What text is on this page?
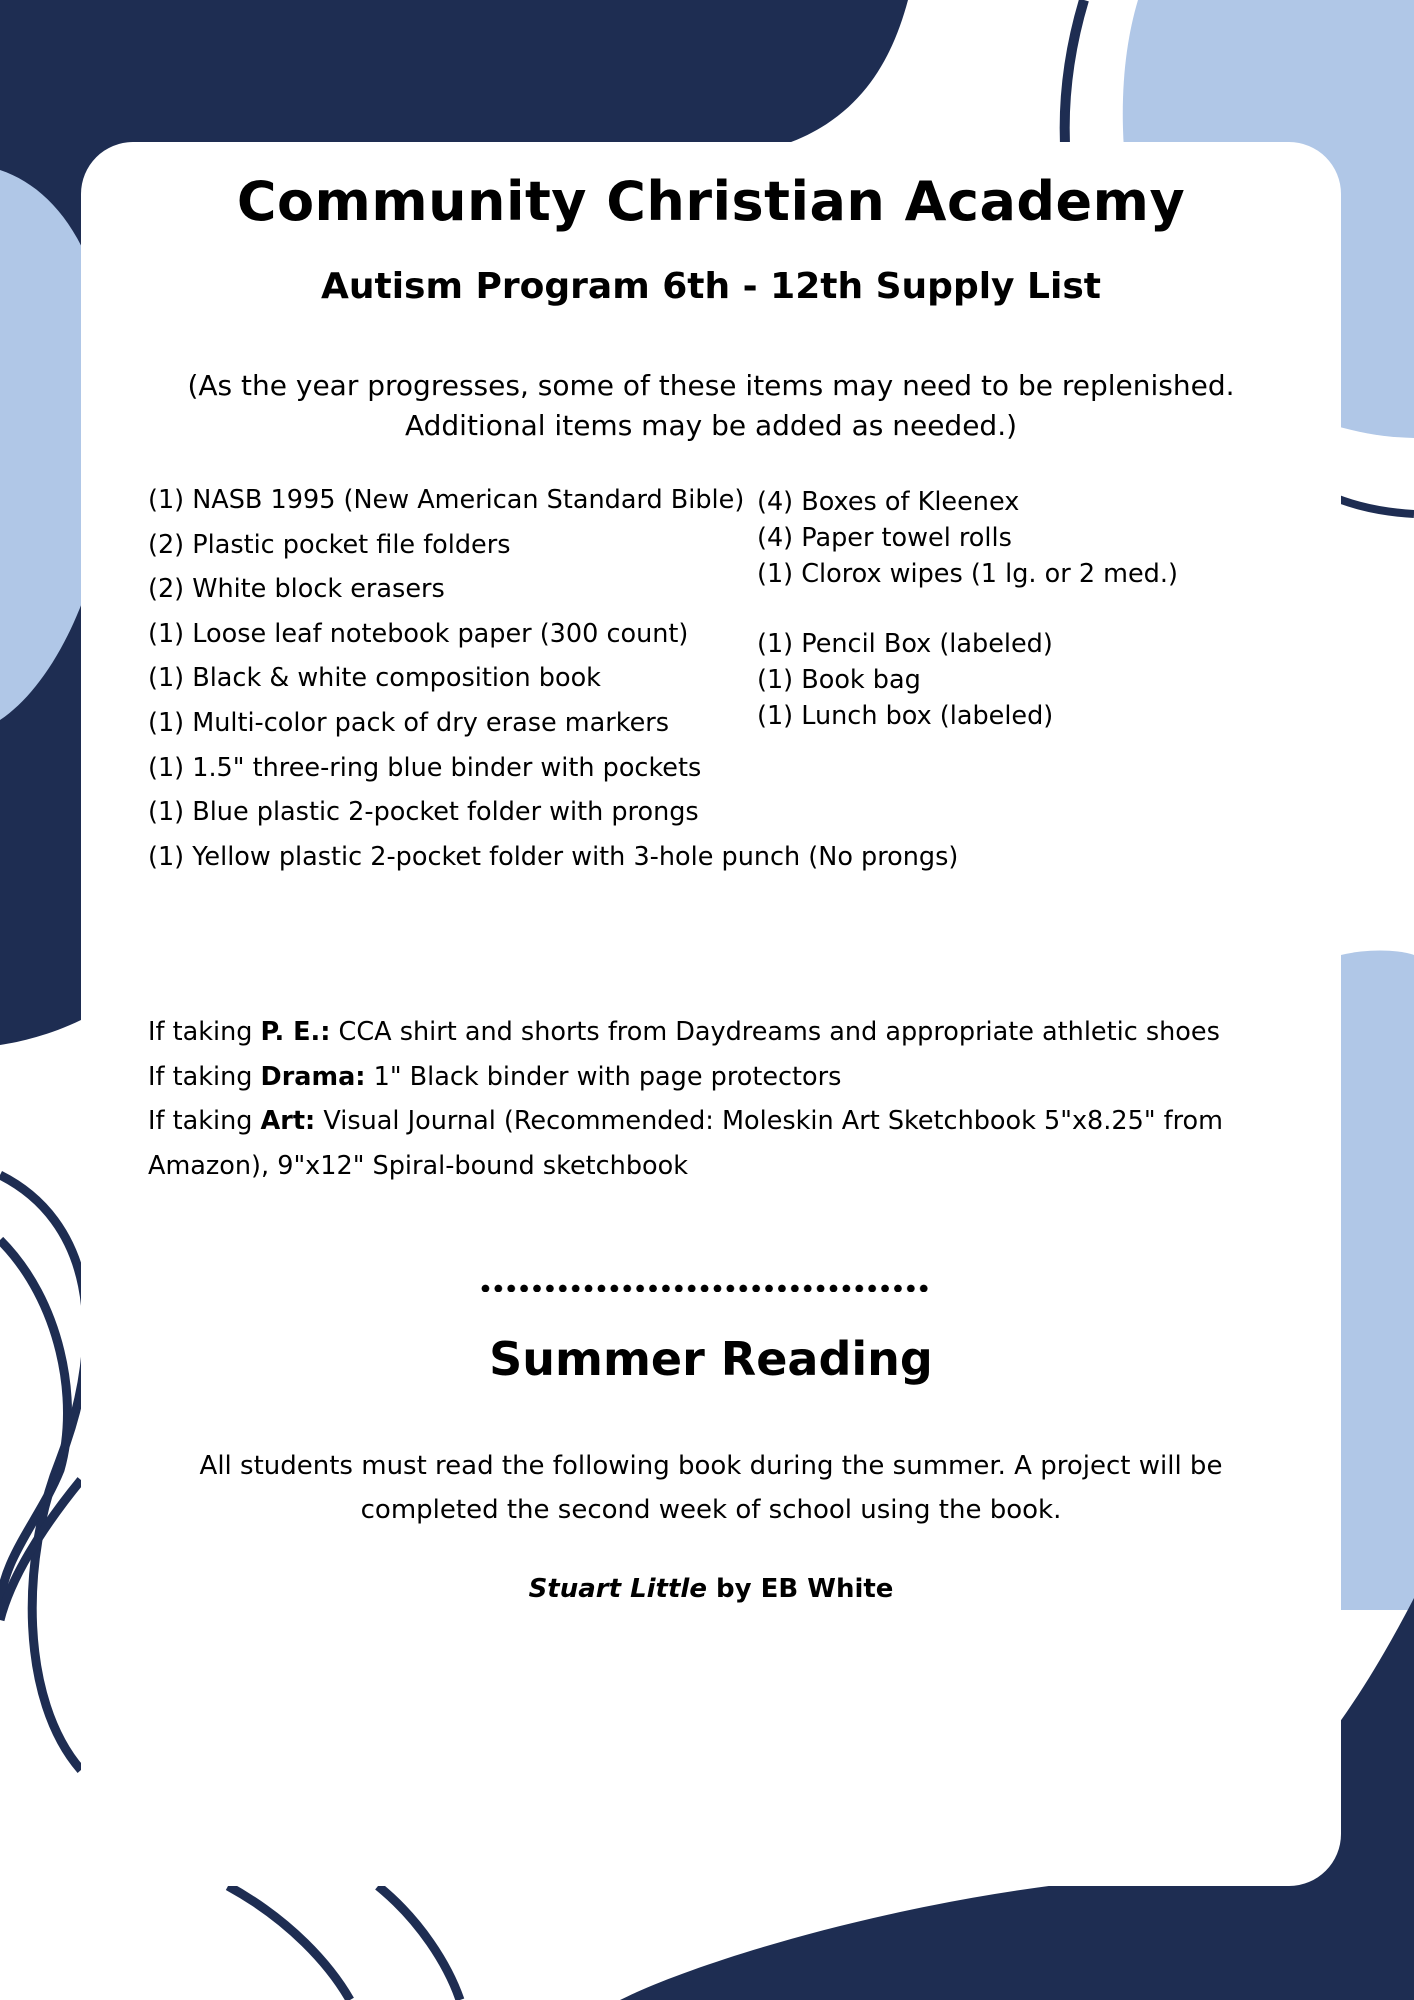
Community Christian Academy
Autism Program 6th - 12th Supply List
(As the year progresses, some of these items may need to be replenished.
Additional items may be added as needed.)
(1) NASB 1995 (New American Standard Bible)
(2) Plastic pocket file folders
(2) White block erasers
(1) Loose leaf notebook paper (300 count)
(1) Black & white composition book
(1) Multi-color pack of dry erase markers
(1) 1.5" three-ring blue binder with pockets
(1) Blue plastic 2-pocket folder with prongs
(1) Yellow plastic 2-pocket folder with 3-hole punch (No prongs)
(4) Boxes of Kleenex
(4) Paper towel rolls
(1) Clorox wipes (1 lg. or 2 med.)
(1) Pencil Box (labeled)
(1) Book bag
(1) Lunch box (labeled)

If taking P. E.: CCA shirt and shorts from Daydreams and appropriate athletic shoes

If taking Drama: 1" Black binder with page protectors

If taking Art: Visual Journal (Recommended: Moleskin Art Sketchbook 5"x8.25" from Amazon), 9"x12" Spiral-bound sketchbook

Summer Reading
All students must read the following book during the summer. A project will be completed the second week of school using the book.
Stuart Little by EB White
